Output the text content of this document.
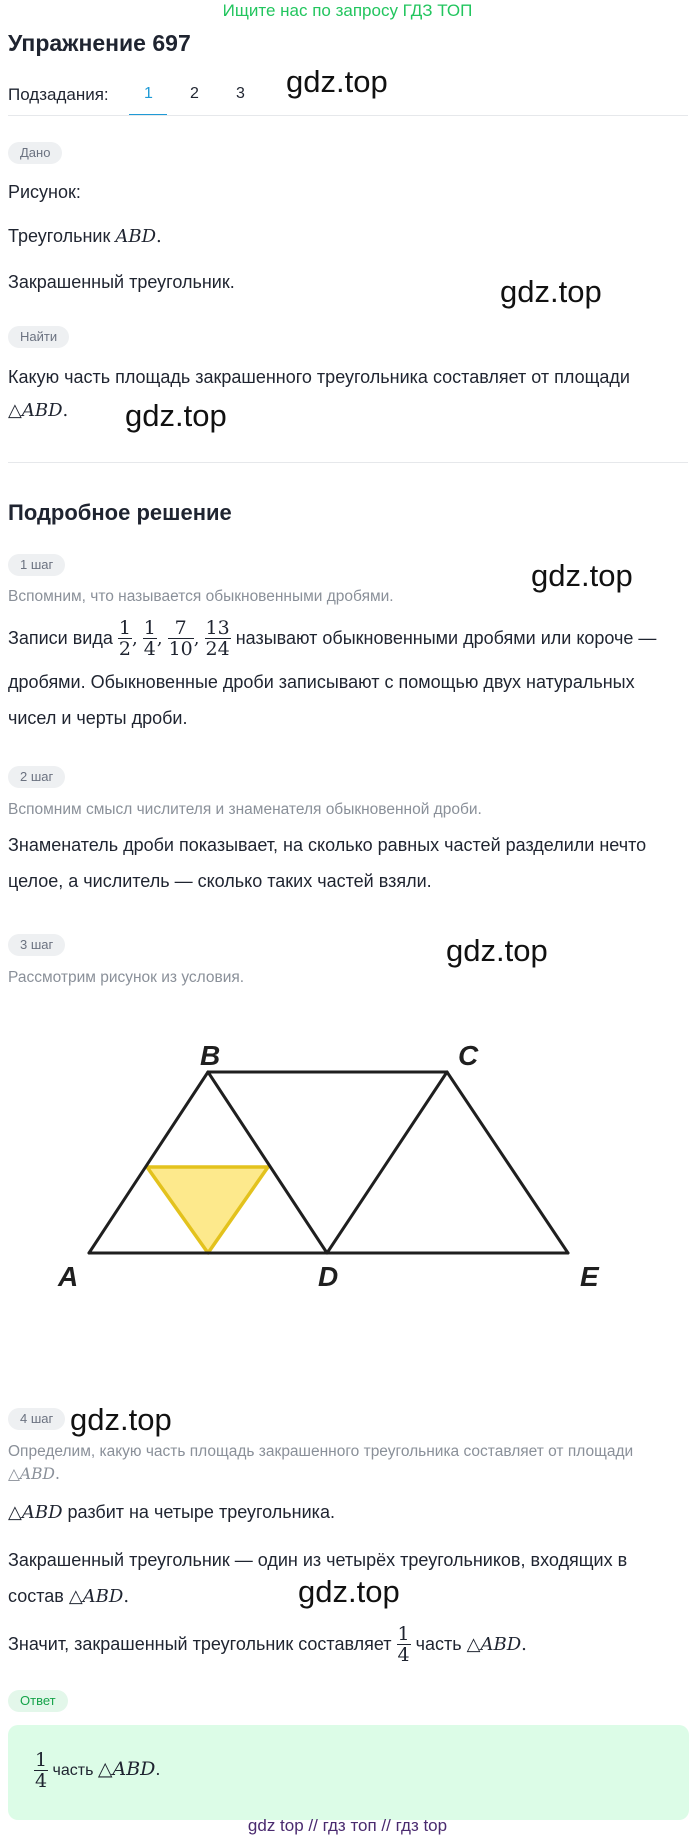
Ищите нас по запросу ГДЗ ТОП
Упражнение 697
Подзадания: 1 2 3 gdz.top
gdz.top
gdz.top
gdz.top
gdz.top
gdz.top
gdz.top
Дано
Рисунок:
Треугольник ABD.
Закрашенный треугольник.
Найти
Какую часть площадь закрашенного треугольника составляет от площади
△ABD.
Подробное решение
1 шаг
Вспомним, что называется обыкновенными дробями.
Записи вида $\frac{1}{2}$ , $\frac{1}{4}$ , $\frac{7}{10}$ , $\frac{13}{24}$ называют обыкновенными дробями или короче —
дробями. Обыкновенные дроби записывают с помощью двух натуральных
чисел и черты дроби.
2 шаг
Вспомним смысл числителя и знаменателя обыкновенной дроби.
Знаменатель дроби показывает, на сколько равных частей разделили нечто
целое, а числитель — сколько таких частей взяли.
3 шаг
Рассмотрим рисунок из условия.
B	C
A	D	E
4 шаг
Определим, какую часть площадь закрашенного треугольника составляет от площади
△ABD.
△ABD разбит на четыре треугольника.
Закрашенный треугольник — один из четырёх треугольников, входящих в
состав △ABD.
Значит, закрашенный треугольник составляет $\frac{1}{4}$ часть △ABD.
Ответ
$\frac{1}{4}$ часть △ABD.
gdz top // гдз топ // гдз top
